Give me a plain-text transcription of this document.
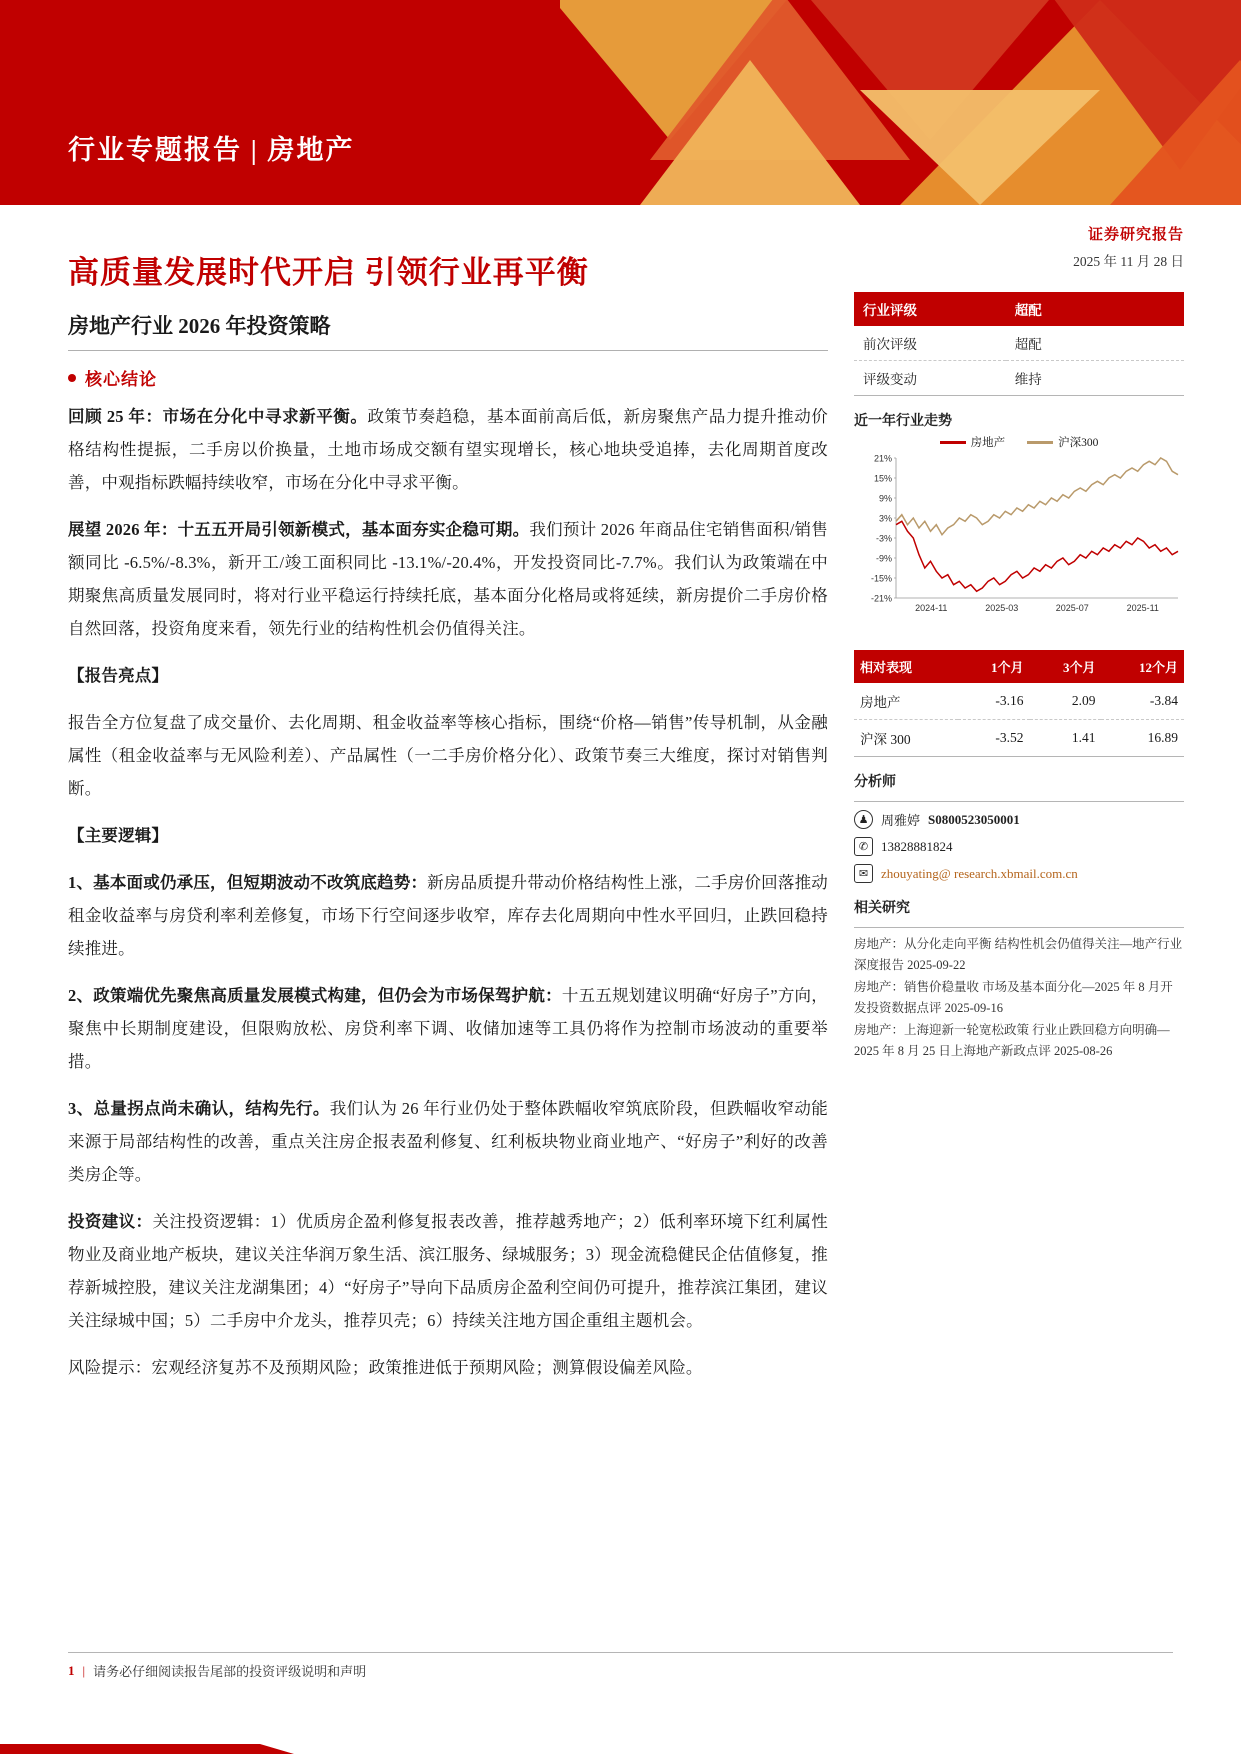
行业专题报告 | 房地产
高质量发展时代开启 引领行业再平衡
房地产行业 2026 年投资策略
核心结论

回顾 25 年：市场在分化中寻求新平衡。政策节奏趋稳，基本面前高后低，新房聚焦产品力提升推动价格结构性提振，二手房以价换量，土地市场成交额有望实现增长，核心地块受追捧，去化周期首度改善，中观指标跌幅持续收窄，市场在分化中寻求平衡。

展望 2026 年：十五五开局引领新模式，基本面夯实企稳可期。我们预计 2026 年商品住宅销售面积/销售额同比 -6.5%/-8.3%，新开工/竣工面积同比 -13.1%/-20.4%，开发投资同比-7.7%。我们认为政策端在中期聚焦高质量发展同时，将对行业平稳运行持续托底，基本面分化格局或将延续，新房提价二手房价格自然回落，投资角度来看，领先行业的结构性机会仍值得关注。

【报告亮点】

报告全方位复盘了成交量价、去化周期、租金收益率等核心指标，围绕“价格—销售”传导机制，从金融属性（租金收益率与无风险利差）、产品属性（一二手房价格分化）、政策节奏三大维度，探讨对销售判断。

【主要逻辑】

1、基本面或仍承压，但短期波动不改筑底趋势：新房品质提升带动价格结构性上涨，二手房价回落推动租金收益率与房贷利率利差修复，市场下行空间逐步收窄，库存去化周期向中性水平回归，止跌回稳持续推进。

2、政策端优先聚焦高质量发展模式构建，但仍会为市场保驾护航：十五五规划建议明确“好房子”方向，聚焦中长期制度建设，但限购放松、房贷利率下调、收储加速等工具仍将作为控制市场波动的重要举措。

3、总量拐点尚未确认，结构先行。我们认为 26 年行业仍处于整体跌幅收窄筑底阶段，但跌幅收窄动能来源于局部结构性的改善，重点关注房企报表盈利修复、红利板块物业商业地产、“好房子”利好的改善类房企等。

投资建议：关注投资逻辑：1）优质房企盈利修复报表改善，推荐越秀地产；2）低利率环境下红利属性物业及商业地产板块，建议关注华润万象生活、滨江服务、绿城服务；3）现金流稳健民企估值修复，推荐新城控股，建议关注龙湖集团；4）“好房子”导向下品质房企盈利空间仍可提升，推荐滨江集团，建议关注绿城中国；5）二手房中介龙头，推荐贝壳；6）持续关注地方国企重组主题机会。

风险提示：宏观经济复苏不及预期风险；政策推进低于预期风险；测算假设偏差风险。

证券研究报告
2025 年 11 月 28 日
行业评级	超配
前次评级	超配
评级变动	维持
近一年行业走势
房地产	沪深300
21%
15%
9%
3%
-3%
-9%
-15%
-21%
2024-11	2025-03	2025-07	2025-11
相对表现	1个月	3个月	12个月
房地产	-3.16	2.09	-3.84
沪深 300	-3.52	1.41	16.89
分析师
♟ 周雅婷 S0800523050001
✆ 13828881824
✉ zhouyating@ research.xbmail.com.cn
相关研究
房地产：从分化走向平衡 结构性机会仍值得关注—地产行业深度报告 2025-09-22
房地产：销售价稳量收 市场及基本面分化—2025 年 8 月开发投资数据点评 2025-09-16
房地产：上海迎新一轮宽松政策 行业止跌回稳方向明确—2025 年 8 月 25 日上海地产新政点评 2025-08-26
1 | 请务必仔细阅读报告尾部的投资评级说明和声明
